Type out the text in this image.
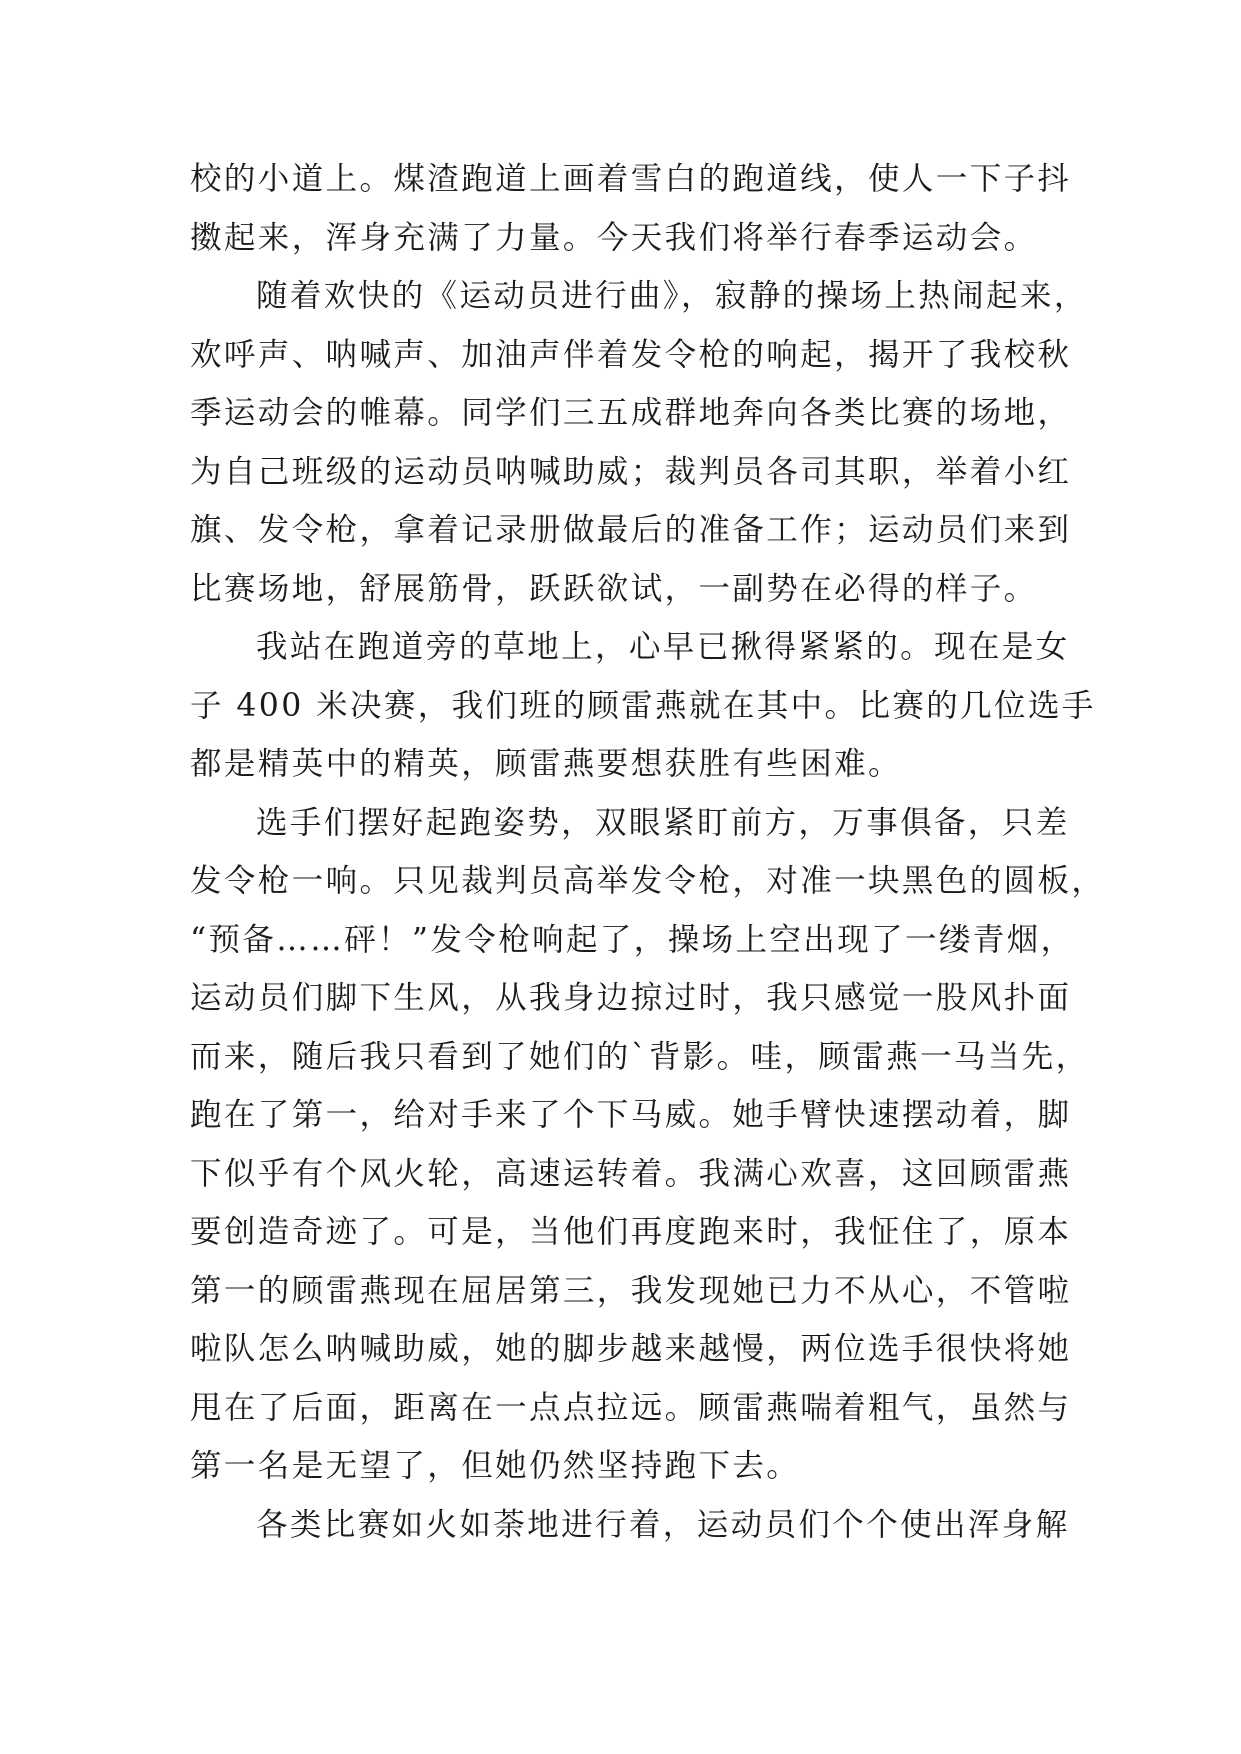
校的小道上。煤渣跑道上画着雪白的跑道线，使人一下子抖
擞起来，浑身充满了力量。今天我们将举行春季运动会。
随着欢快的《运动员进行曲》，寂静的操场上热闹起来，
欢呼声、呐喊声、加油声伴着发令枪的响起，揭开了我校秋
季运动会的帷幕。同学们三五成群地奔向各类比赛的场地，
为自己班级的运动员呐喊助威；裁判员各司其职，举着小红
旗、发令枪，拿着记录册做最后的准备工作；运动员们来到
比赛场地，舒展筋骨，跃跃欲试，一副势在必得的样子。
我站在跑道旁的草地上，心早已揪得紧紧的。现在是女
子 400 米决赛，我们班的顾雷燕就在其中。比赛的几位选手
都是精英中的精英，顾雷燕要想获胜有些困难。
选手们摆好起跑姿势，双眼紧盯前方，万事俱备，只差
发令枪一响。只见裁判员高举发令枪，对准一块黑色的圆板，
“预备……砰！”发令枪响起了，操场上空出现了一缕青烟，
运动员们脚下生风，从我身边掠过时，我只感觉一股风扑面
而来，随后我只看到了她们的`背影。哇，顾雷燕一马当先，
跑在了第一，给对手来了个下马威。她手臂快速摆动着，脚
下似乎有个风火轮，高速运转着。我满心欢喜，这回顾雷燕
要创造奇迹了。可是，当他们再度跑来时，我怔住了，原本
第一的顾雷燕现在屈居第三，我发现她已力不从心，不管啦
啦队怎么呐喊助威，她的脚步越来越慢，两位选手很快将她
甩在了后面，距离在一点点拉远。顾雷燕喘着粗气，虽然与
第一名是无望了，但她仍然坚持跑下去。
各类比赛如火如荼地进行着，运动员们个个使出浑身解
